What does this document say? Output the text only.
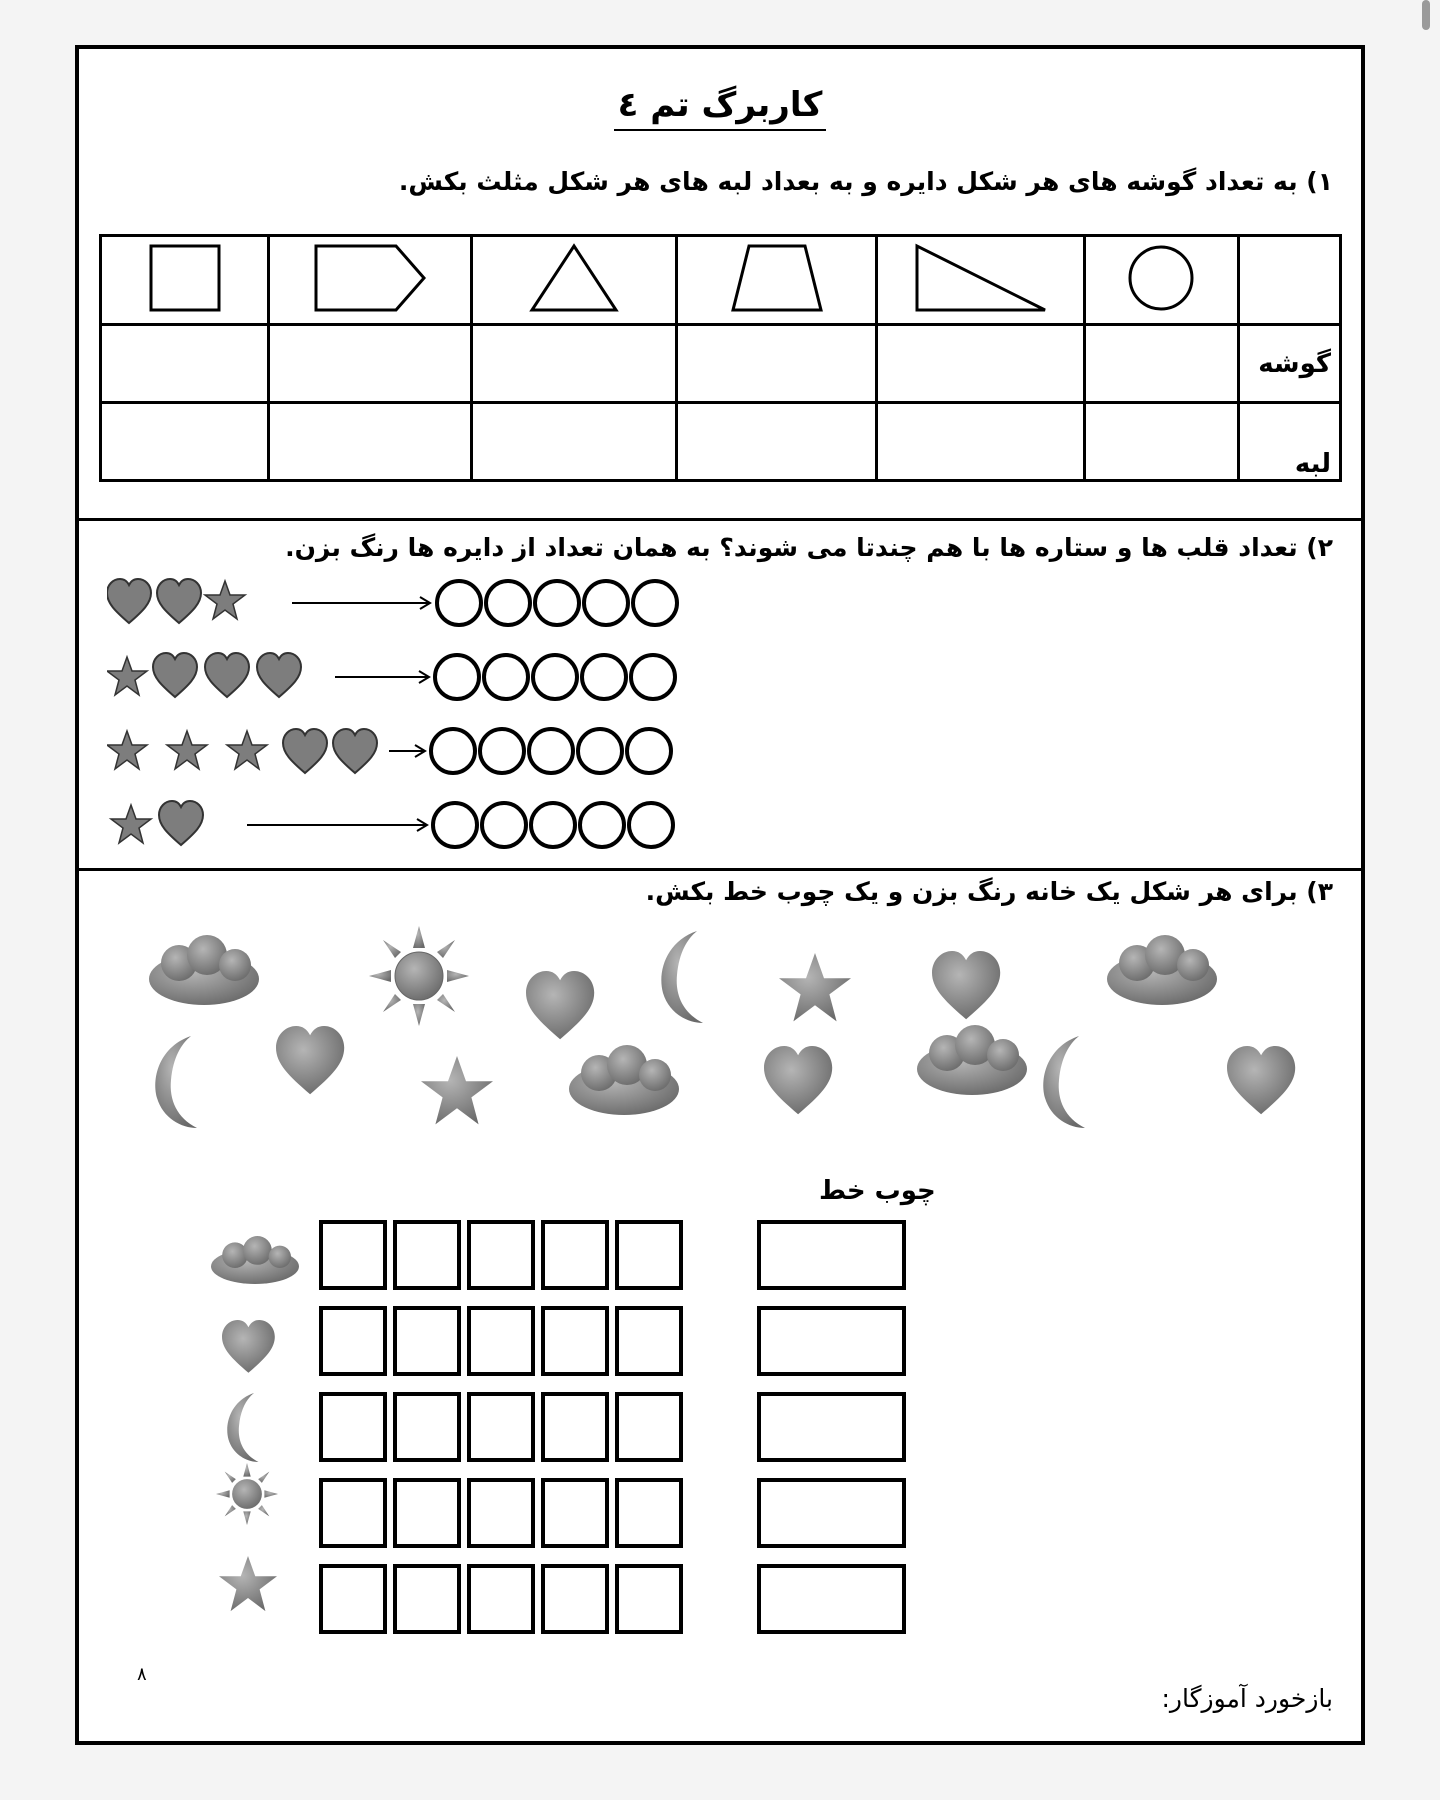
کاربرگ تم ٤
۱) به تعداد گوشه های هر شکل دایره و به بعداد لبه های هر شکل مثلث بکش.

گوشه						
لبه						
۲) تعداد قلب ها و ستاره ها با هم چندتا می شوند؟ به همان تعداد از دایره ها رنگ بزن.
۳) برای هر شکل یک خانه رنگ بزن و یک چوب خط بکش.
چوب خط
۸
بازخورد آموزگار:
